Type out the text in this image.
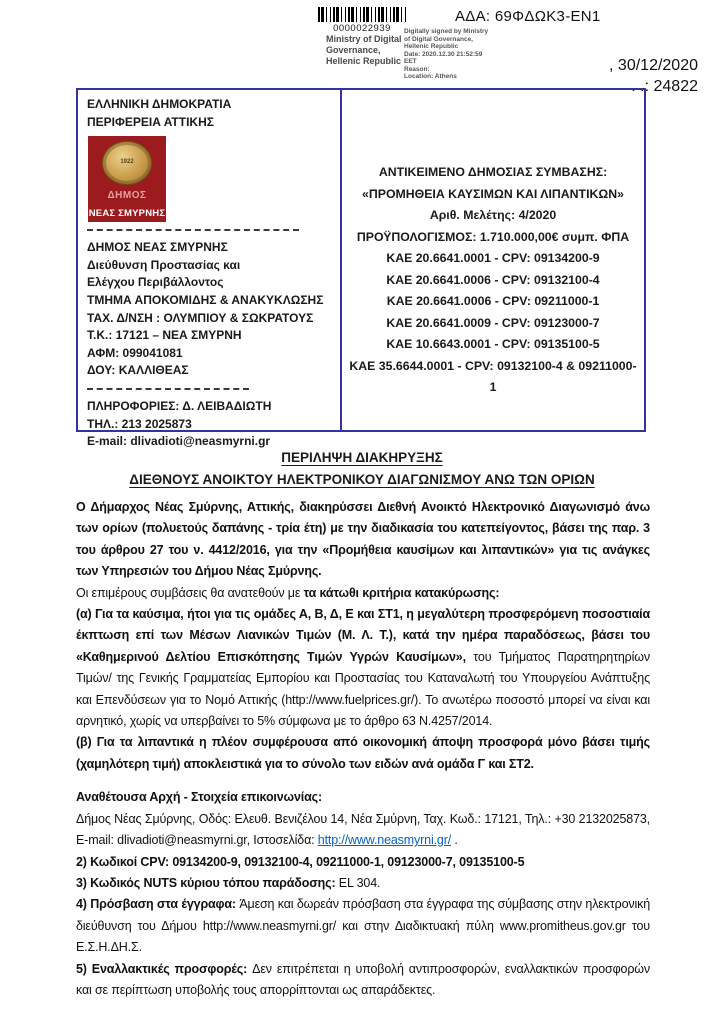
0000022939
Ministry of Digital
Governance,
Hellenic Republic
Digitally signed by Ministry
of Digital Governance,
Hellenic Republic
Date: 2020.12.30 21:52:59
EET
Reason:
Location: Athens
ΑΔΑ: 69ΦΔΩΚ3-ΕΝ1
, 30/12/2020
. .: 24822
ΕΛΛΗΝΙΚΗ ΔΗΜΟΚΡΑΤΙΑ
ΠΕΡΙΦΕΡΕΙΑ ΑΤΤΙΚΗΣ
1922
ΔΗΜΟΣ
ΝΕΑΣ ΣΜΥΡΝΗΣ
ΔΗΜΟΣ ΝΕΑΣ ΣΜΥΡΝΗΣ
Διεύθυνση Προστασίας και
Ελέγχου Περιβάλλοντος
ΤΜΗΜΑ ΑΠΟΚΟΜΙΔΗΣ & ΑΝΑΚΥΚΛΩΣΗΣ
ΤΑΧ. Δ/ΝΣΗ : ΟΛΥΜΠΙΟΥ & ΣΩΚΡΑΤΟΥΣ
Τ.Κ.: 17121 – ΝΕΑ ΣΜΥΡΝΗ
ΑΦΜ: 099041081
ΔΟΥ: ΚΑΛΛΙΘΕΑΣ
ΠΛΗΡΟΦΟΡΙΕΣ: Δ. ΛΕΙΒΑΔΙΩΤΗ
ΤΗΛ.: 213 2025873
E-mail: dlivadioti@neasmyrni.gr
ΑΝΤΙΚΕΙΜΕΝΟ ΔΗΜΟΣΙΑΣ ΣΥΜΒΑΣΗΣ:
«ΠΡΟΜΗΘΕΙΑ ΚΑΥΣΙΜΩΝ ΚΑΙ ΛΙΠΑΝΤΙΚΩΝ»
Αριθ. Μελέτης: 4/2020
ΠΡΟΫΠΟΛΟΓΙΣΜΟΣ: 1.710.000,00€ συμπ. ΦΠΑ
ΚΑΕ 20.6641.0001 - CPV: 09134200-9
ΚΑΕ 20.6641.0006 - CPV: 09132100-4
ΚΑΕ 20.6641.0006 - CPV: 09211000-1
ΚΑΕ 20.6641.0009 - CPV: 09123000-7
ΚΑΕ 10.6643.0001 - CPV: 09135100-5
ΚΑΕ 35.6644.0001 - CPV: 09132100-4 & 09211000-1
ΠΕΡΙΛΗΨΗ ΔΙΑΚΗΡΥΞΗΣ
ΔΙΕΘΝΟΥΣ ΑΝΟΙΚΤΟΥ ΗΛΕΚΤΡΟΝΙΚΟΥ ΔΙΑΓΩΝΙΣΜΟΥ ΑΝΩ ΤΩΝ ΟΡΙΩΝ

Ο Δήμαρχος Νέας Σμύρνης, Αττικής, διακηρύσσει Διεθνή Ανοικτό Ηλεκτρονικό Διαγωνισμό άνω των ορίων (πολυετούς δαπάνης - τρία έτη) με την διαδικασία του κατεπείγοντος, βάσει της παρ. 3 του άρθρου 27 του ν. 4412/2016, για την «Προμήθεια καυσίμων και λιπαντικών» για τις ανάγκες των Υπηρεσιών του Δήμου Νέας Σμύρνης.

Οι επιμέρους συμβάσεις θα ανατεθούν με τα κάτωθι κριτήρια κατακύρωσης:

(α) Για τα καύσιμα, ήτοι για τις ομάδες Α, Β, Δ, Ε και ΣΤ1, η μεγαλύτερη προσφερόμενη ποσοστιαία έκπτωση επί των Μέσων Λιανικών Τιμών (Μ. Λ. Τ.), κατά την ημέρα παραδόσεως, βάσει του «Καθημερινού Δελτίου Επισκόπησης Τιμών Υγρών Καυσίμων», του Τμήματος Παρατηρητηρίων Τιμών/ της Γενικής Γραμματείας Εμπορίου και Προστασίας του Καταναλωτή του Υπουργείου Ανάπτυξης και Επενδύσεων για το Νομό Αττικής (http://www.fuelprices.gr/). Το ανωτέρω ποσοστό μπορεί να είναι και αρνητικό, χωρίς να υπερβαίνει το 5% σύμφωνα με το άρθρο 63 Ν.4257/2014.

(β) Για τα λιπαντικά η πλέον συμφέρουσα από οικονομική άποψη προσφορά μόνο βάσει τιμής (χαμηλότερη τιμή) αποκλειστικά για το σύνολο των ειδών ανά ομάδα Γ και ΣΤ2.

Αναθέτουσα Αρχή - Στοιχεία επικοινωνίας:

Δήμος Νέας Σμύρνης, Οδός: Ελευθ. Βενιζέλου 14, Νέα Σμύρνη, Ταχ. Κωδ.: 17121, Τηλ.: +30 2132025873, E-mail: dlivadioti@neasmyrni.gr, Ιστοσελίδα: http://www.neasmyrni.gr/ .

2) Κωδικοί CPV: 09134200-9, 09132100-4, 09211000-1, 09123000-7, 09135100-5

3) Κωδικός NUTS κύριου τόπου παράδοσης: EL 304.

4) Πρόσβαση στα έγγραφα: Άμεση και δωρεάν πρόσβαση στα έγγραφα της σύμβασης στην ηλεκτρονική διεύθυνση του Δήμου http://www.neasmyrni.gr/ και στην Διαδικτυακή πύλη www.promitheus.gov.gr του Ε.Σ.Η.ΔΗ.Σ.

5) Εναλλακτικές προσφορές: Δεν επιτρέπεται η υποβολή αντιπροσφορών, εναλλακτικών προσφορών και σε περίπτωση υποβολής τους απορρίπτονται ως απαράδεκτες.
